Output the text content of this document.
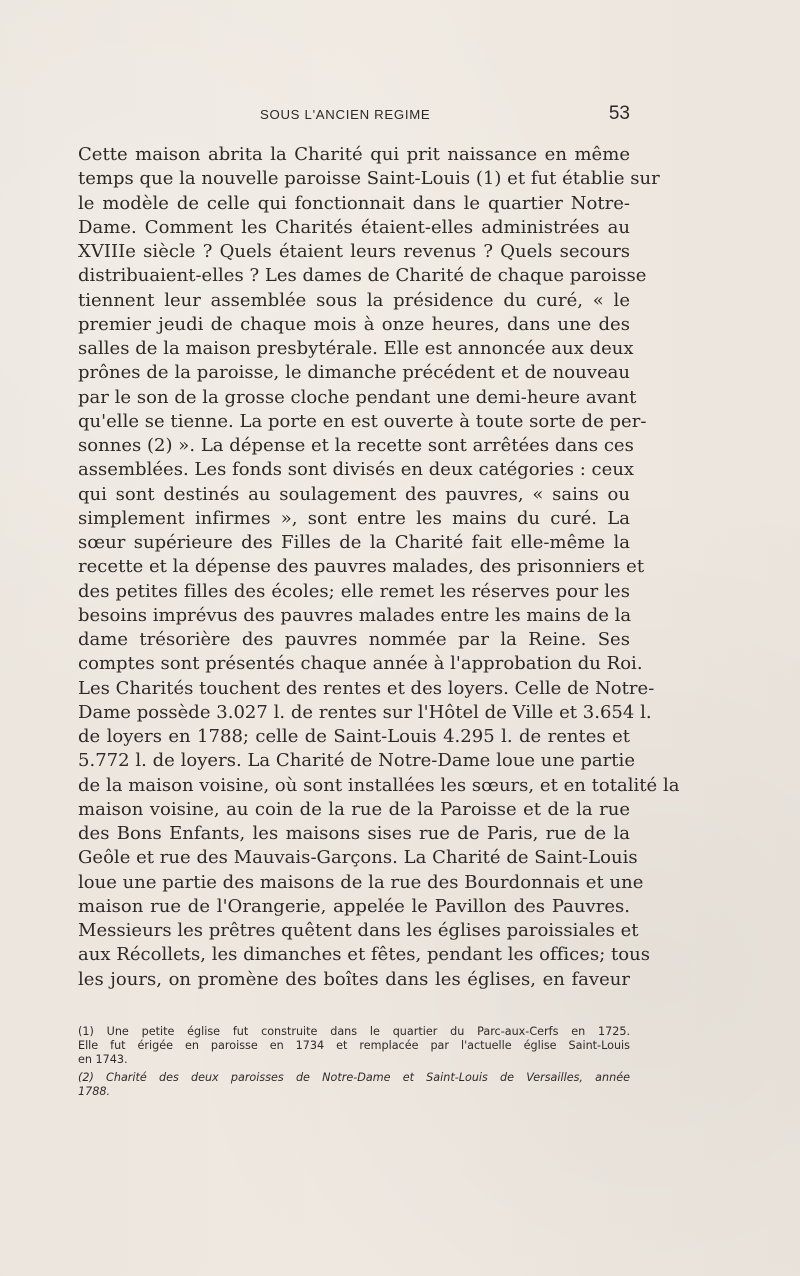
SOUS L'ANCIEN REGIME	53
Cette maison abrita la Charité qui prit naissance en même
temps que la nouvelle paroisse Saint-Louis (1) et fut établie sur
le modèle de celle qui fonctionnait dans le quartier Notre-
Dame. Comment les Charités étaient-elles administrées au
XVIIIe siècle ? Quels étaient leurs revenus ? Quels secours
distribuaient-elles ? Les dames de Charité de chaque paroisse
tiennent leur assemblée sous la présidence du curé, « le
premier jeudi de chaque mois à onze heures, dans une des
salles de la maison presbytérale. Elle est annoncée aux deux
prônes de la paroisse, le dimanche précédent et de nouveau
par le son de la grosse cloche pendant une demi-heure avant
qu'elle se tienne. La porte en est ouverte à toute sorte de per-
sonnes (2) ». La dépense et la recette sont arrêtées dans ces
assemblées. Les fonds sont divisés en deux catégories : ceux
qui sont destinés au soulagement des pauvres, « sains ou
simplement infirmes », sont entre les mains du curé. La
sœur supérieure des Filles de la Charité fait elle-même la
recette et la dépense des pauvres malades, des prisonniers et
des petites filles des écoles; elle remet les réserves pour les
besoins imprévus des pauvres malades entre les mains de la
dame trésorière des pauvres nommée par la Reine. Ses
comptes sont présentés chaque année à l'approbation du Roi.
Les Charités touchent des rentes et des loyers. Celle de Notre-
Dame possède 3.027 l. de rentes sur l'Hôtel de Ville et 3.654 l.
de loyers en 1788; celle de Saint-Louis 4.295 l. de rentes et
5.772 l. de loyers. La Charité de Notre-Dame loue une partie
de la maison voisine, où sont installées les sœurs, et en totalité la
maison voisine, au coin de la rue de la Paroisse et de la rue
des Bons Enfants, les maisons sises rue de Paris, rue de la
Geôle et rue des Mauvais-Garçons. La Charité de Saint-Louis
loue une partie des maisons de la rue des Bourdonnais et une
maison rue de l'Orangerie, appelée le Pavillon des Pauvres.
Messieurs les prêtres quêtent dans les églises paroissiales et
aux Récollets, les dimanches et fêtes, pendant les offices; tous
les jours, on promène des boîtes dans les églises, en faveur
(1) Une petite église fut construite dans le quartier du Parc-aux-Cerfs en 1725.
Elle fut érigée en paroisse en 1734 et remplacée par l'actuelle église Saint-Louis
en 1743.
(2) Charité des deux paroisses de Notre-Dame et Saint-Louis de Versailles, année
1788.
